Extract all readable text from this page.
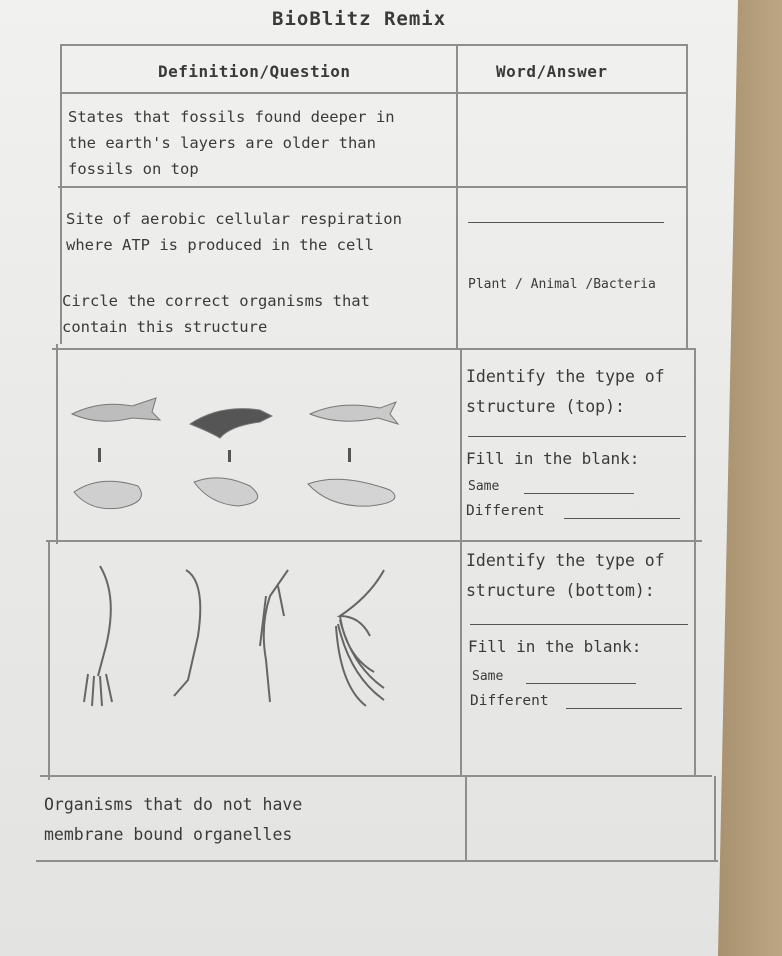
BioBlitz Remix
Definition/Question	Word/Answer
States that fossils found deeper in
the earth's layers are older than
fossils on top
Site of aerobic cellular respiration
where ATP is produced in the cell
Circle the correct organisms that
contain this structure
Plant / Animal /Bacteria
Identify the type of
structure (top):
Fill in the blank:
Same
Different
Identify the type of
structure (bottom):
Fill in the blank:
Same
Different
Organisms that do not have
membrane bound organelles
